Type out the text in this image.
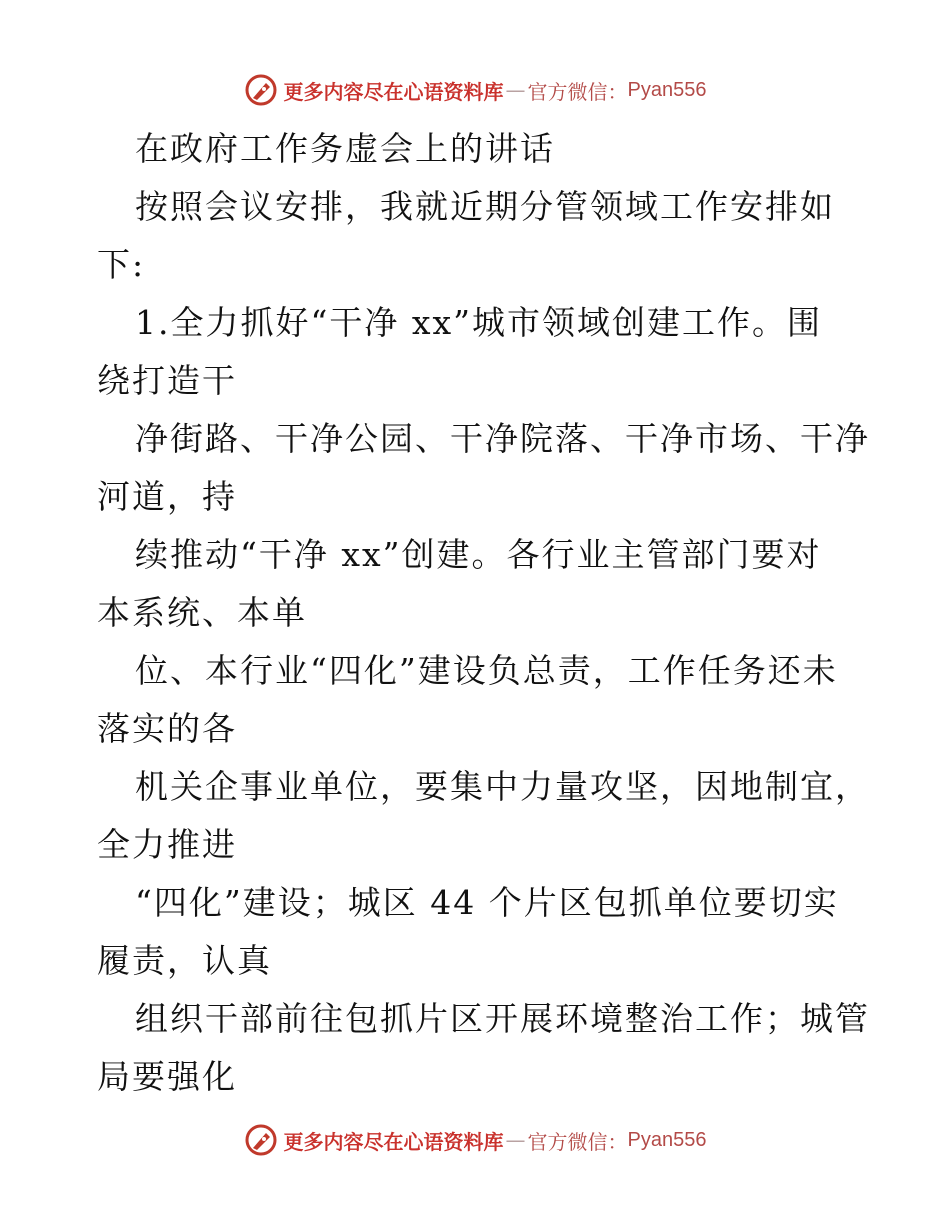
更多内容尽在心语资料库 — 官方微信： Pyan556
在政府工作务虚会上的讲话
按照会议安排，我就近期分管领域工作安排如
下:
1.全力抓好“干净 xx”城市领域创建工作。围
绕打造干
净街路、干净公园、干净院落、干净市场、干净
河道，持
续推动“干净 xx”创建。各行业主管部门要对
本系统、本单
位、本行业“四化”建设负总责，工作任务还未
落实的各
机关企事业单位，要集中力量攻坚，因地制宜，
全力推进
“四化”建设；城区 44 个片区包抓单位要切实
履责，认真
组织干部前往包抓片区开展环境整治工作；城管
局要强化
更多内容尽在心语资料库 — 官方微信： Pyan556
